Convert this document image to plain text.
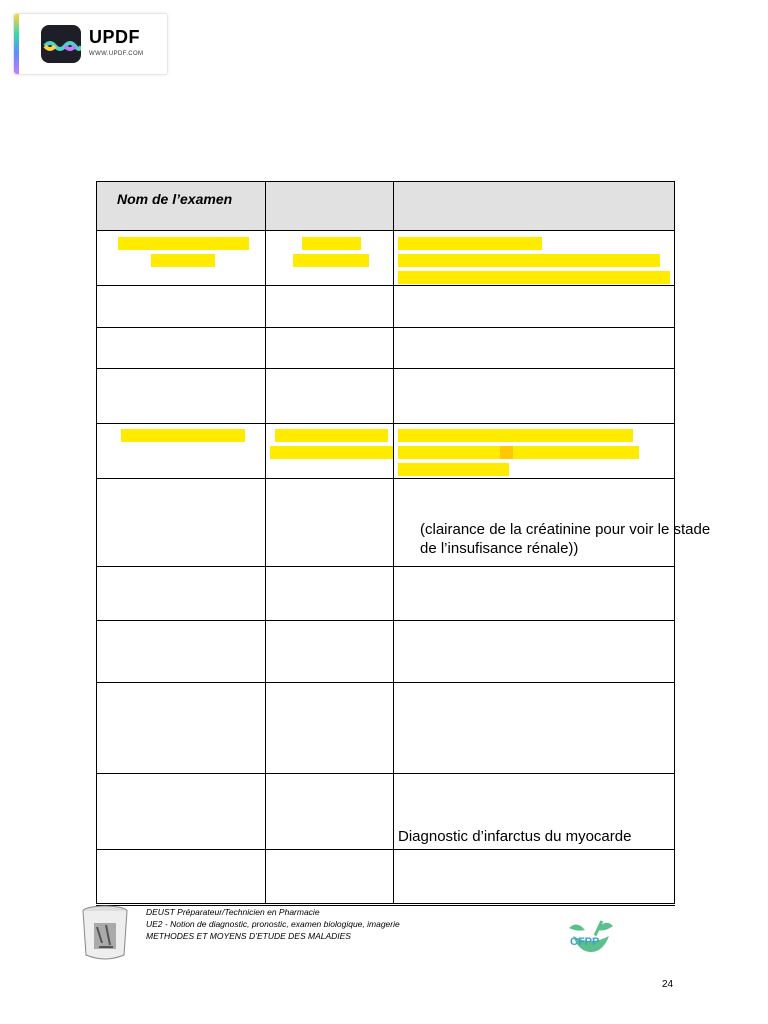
UPDF
WWW.UPDF.COM
Nom de l’examen
(clairance de la créatinine pour voir le stade
de l’insufisance rénale))
Diagnostic d’infarctus du myocarde
DEUST Préparateur/Technicien en Pharmacie
UE2 - Notion de diagnostic, pronostic, examen biologique, imagerie
METHODES ET MOYENS D’ETUDE DES MALADIES	CFPP
24
